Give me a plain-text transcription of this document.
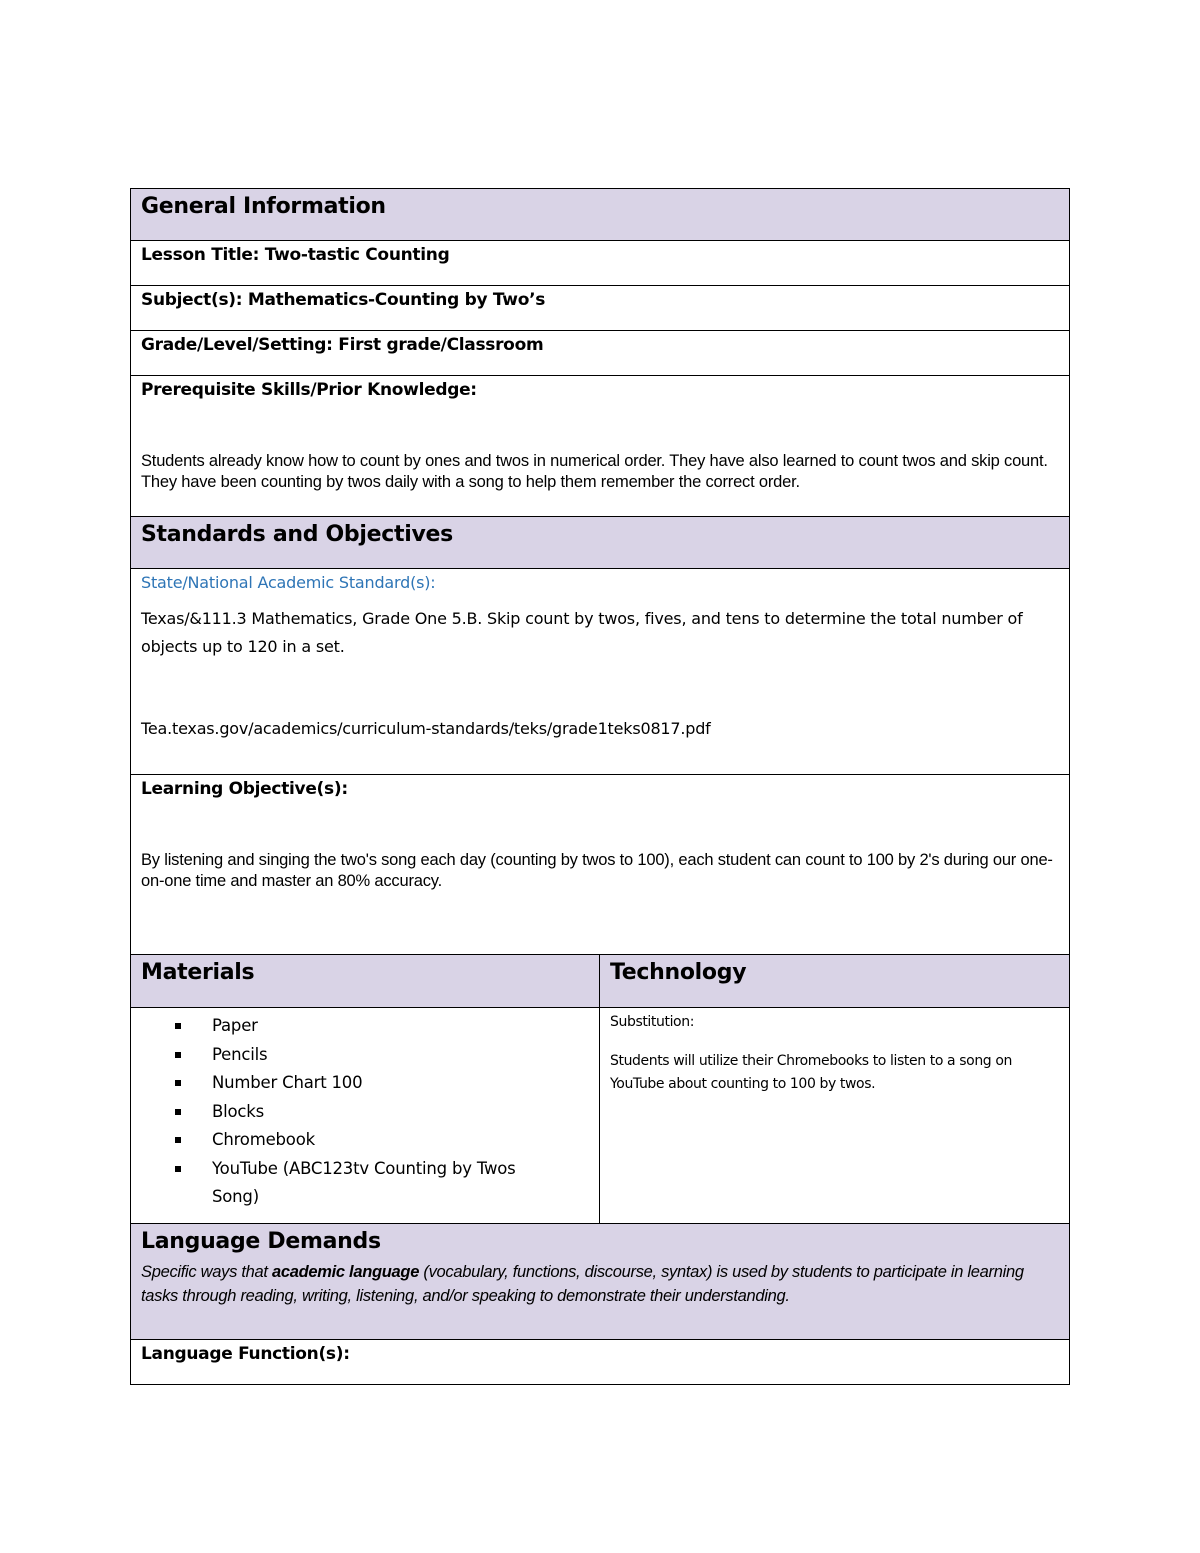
General Information
Lesson Title: Two-tastic Counting
Subject(s): Mathematics-Counting by Two’s
Grade/Level/Setting: First grade/Classroom
Prerequisite Skills/Prior Knowledge:
Students already know how to count by ones and twos in numerical order. They have also learned to count twos and skip count. They have been counting by twos daily with a song to help them remember the correct order.
Standards and Objectives
State/National Academic Standard(s):
Texas/&111.3 Mathematics, Grade One 5.B. Skip count by twos, fives, and tens to determine the total number of objects up to 120 in a set.
Tea.texas.gov/academics/curriculum-standards/teks/grade1teks0817.pdf
Learning Objective(s):
By listening and singing the two's song each day (counting by twos to 100), each student can count to 100 by 2's during our one-on-one time and master an 80% accuracy.
Materials	Technology
Paper
Pencils
Number Chart 100
Blocks
Chromebook
YouTube (ABC123tv Counting by Twos Song)
Substitution:
Students will utilize their Chromebooks to listen to a song on YouTube about counting to 100 by twos.
Language Demands
Specific ways that academic language (vocabulary, functions, discourse, syntax) is used by students to participate in learning tasks through reading, writing, listening, and/or speaking to demonstrate their understanding.
Language Function(s):
